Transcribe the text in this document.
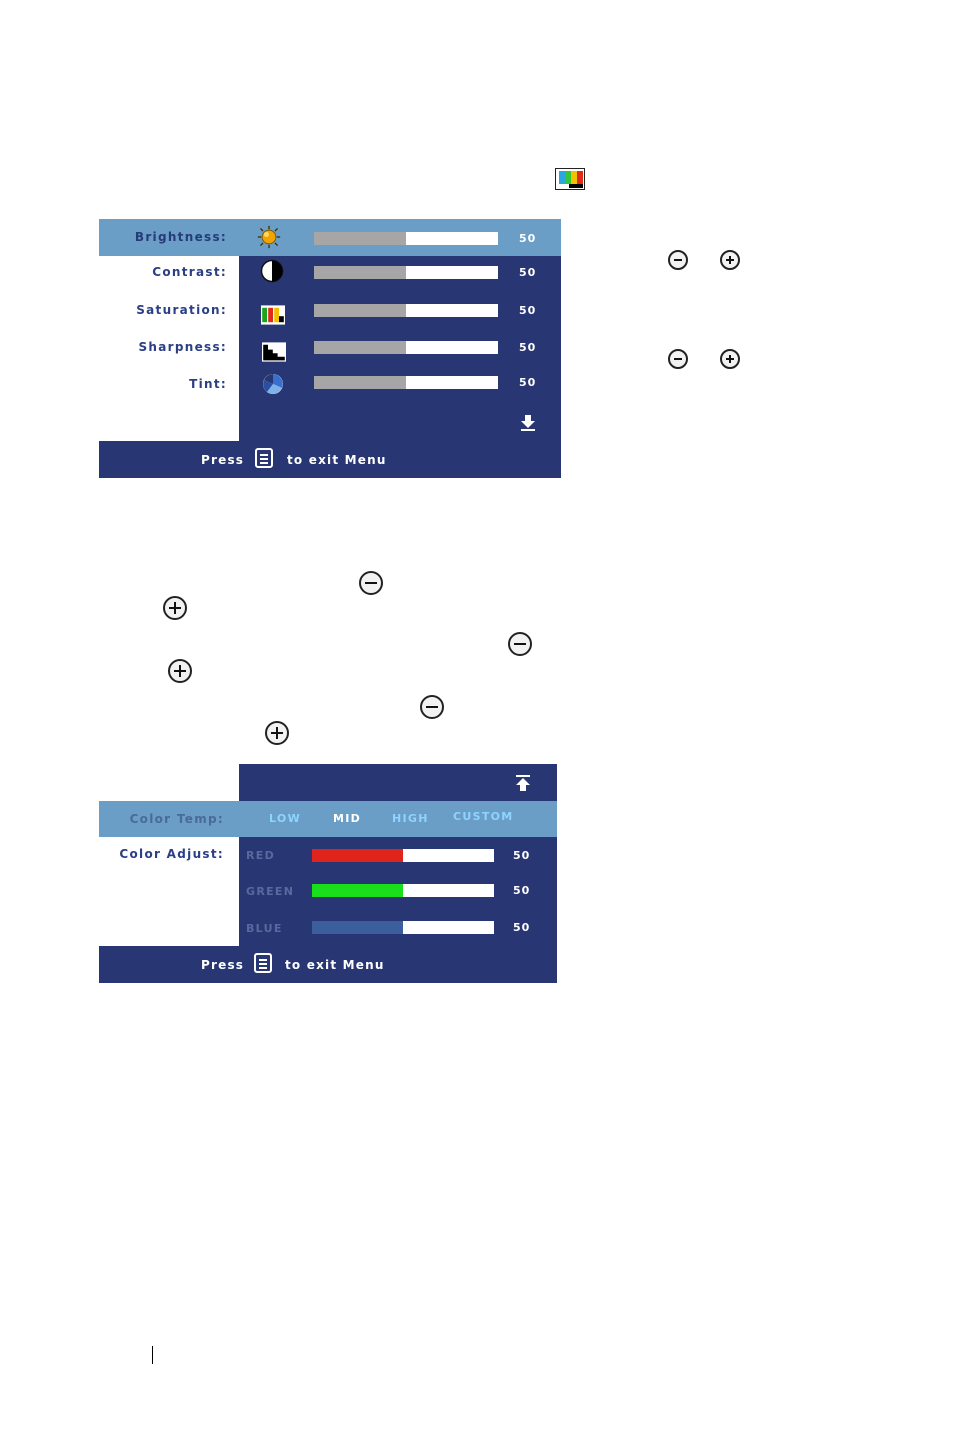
Brightness:	50
Contrast:	50
Saturation:	50
Sharpness:	50
Tint:	50
Press	to exit Menu
Color Temp:	LOW	MID	HIGH CUSTOM
Color Adjust: RED	50
GREEN	50
BLUE	50
Press	to exit Menu
